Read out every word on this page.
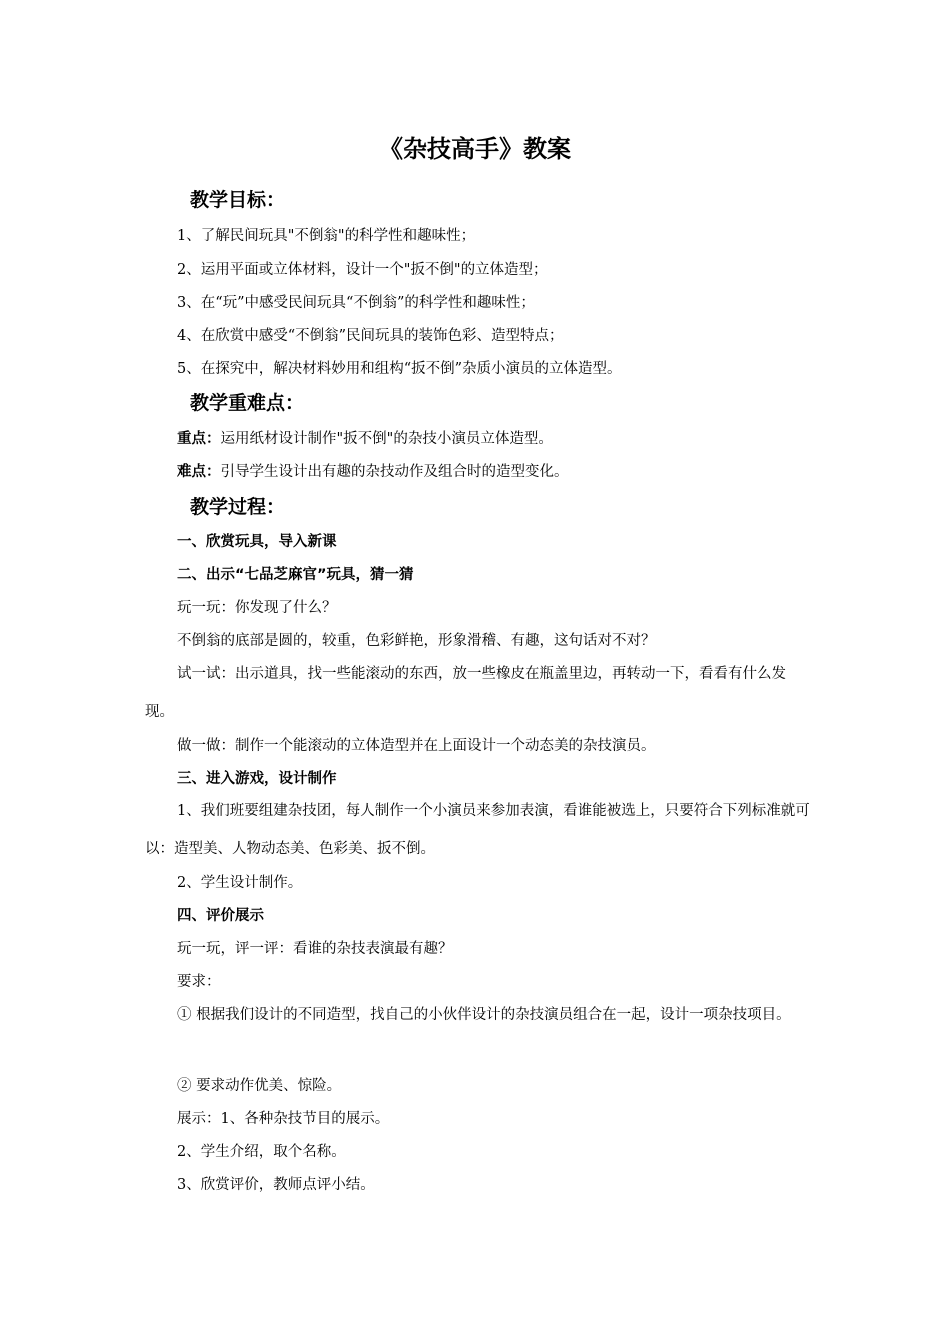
《杂技高手》教案
教学目标：
1、了解民间玩具"不倒翁"的科学性和趣味性；
2、运用平面或立体材料，设计一个"扳不倒"的立体造型；
3、在“玩”中感受民间玩具“不倒翁”的科学性和趣味性；
4、在欣赏中感受“不倒翁”民间玩具的装饰色彩、造型特点；
5、在探究中，解决材料妙用和组构“扳不倒”杂质小演员的立体造型。
教学重难点：
重点：运用纸材设计制作"扳不倒"的杂技小演员立体造型。
难点：引导学生设计出有趣的杂技动作及组合时的造型变化。
教学过程：
一、欣赏玩具，导入新课
二、出示“七品芝麻官”玩具，猜一猜
玩一玩：你发现了什么？
不倒翁的底部是圆的，较重，色彩鲜艳，形象滑稽、有趣，这句话对不对？
试一试：出示道具，找一些能滚动的东西，放一些橡皮在瓶盖里边，再转动一下，看看有什么发现。
做一做：制作一个能滚动的立体造型并在上面设计一个动态美的杂技演员。
三、进入游戏，设计制作
1、我们班要组建杂技团，每人制作一个小演员来参加表演，看谁能被选上，只要符合下列标准就可以：造型美、人物动态美、色彩美、扳不倒。
2、学生设计制作。
四、评价展示
玩一玩，评一评：看谁的杂技表演最有趣？
要求：
① 根据我们设计的不同造型，找自己的小伙伴设计的杂技演员组合在一起，设计一项杂技项目。
② 要求动作优美、惊险。
展示：1、各种杂技节目的展示。
2、学生介绍，取个名称。
3、欣赏评价，教师点评小结。
